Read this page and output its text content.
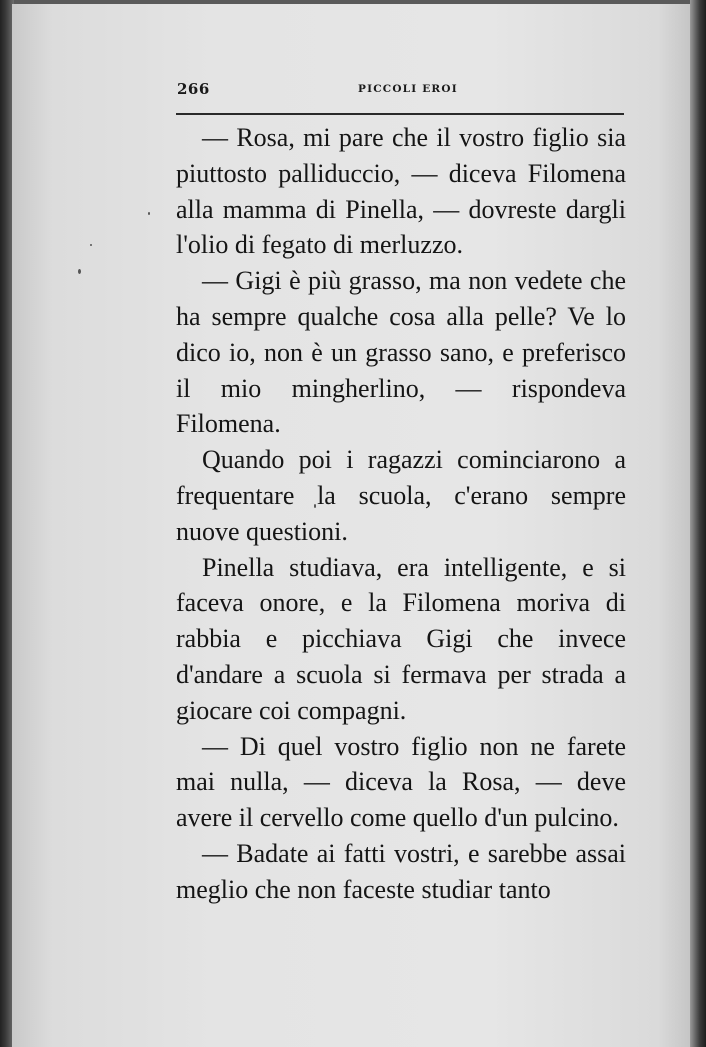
266	PICCOLI EROI

— Rosa, mi pare che il vostro figlio sia piuttosto palliduccio, — diceva Filomena alla mamma di Pinella, — dovreste dargli l'olio di fegato di merluzzo.

— Gigi è più grasso, ma non vedete che ha sempre qualche cosa alla pelle? Ve lo dico io, non è un grasso sano, e preferisco il mio mingherlino, — rispondeva Filomena.

Quando poi i ragazzi cominciarono a frequentare la scuola, c'erano sempre nuove questioni.

Pinella studiava, era intelligente, e si faceva onore, e la Filomena moriva di rabbia e picchiava Gigi che invece d'andare a scuola si fermava per strada a giocare coi compagni.

— Di quel vostro figlio non ne farete mai nulla, — diceva la Rosa, — deve avere il cervello come quello d'un pulcino.

— Badate ai fatti vostri, e sarebbe assai meglio che non faceste studiar tanto
